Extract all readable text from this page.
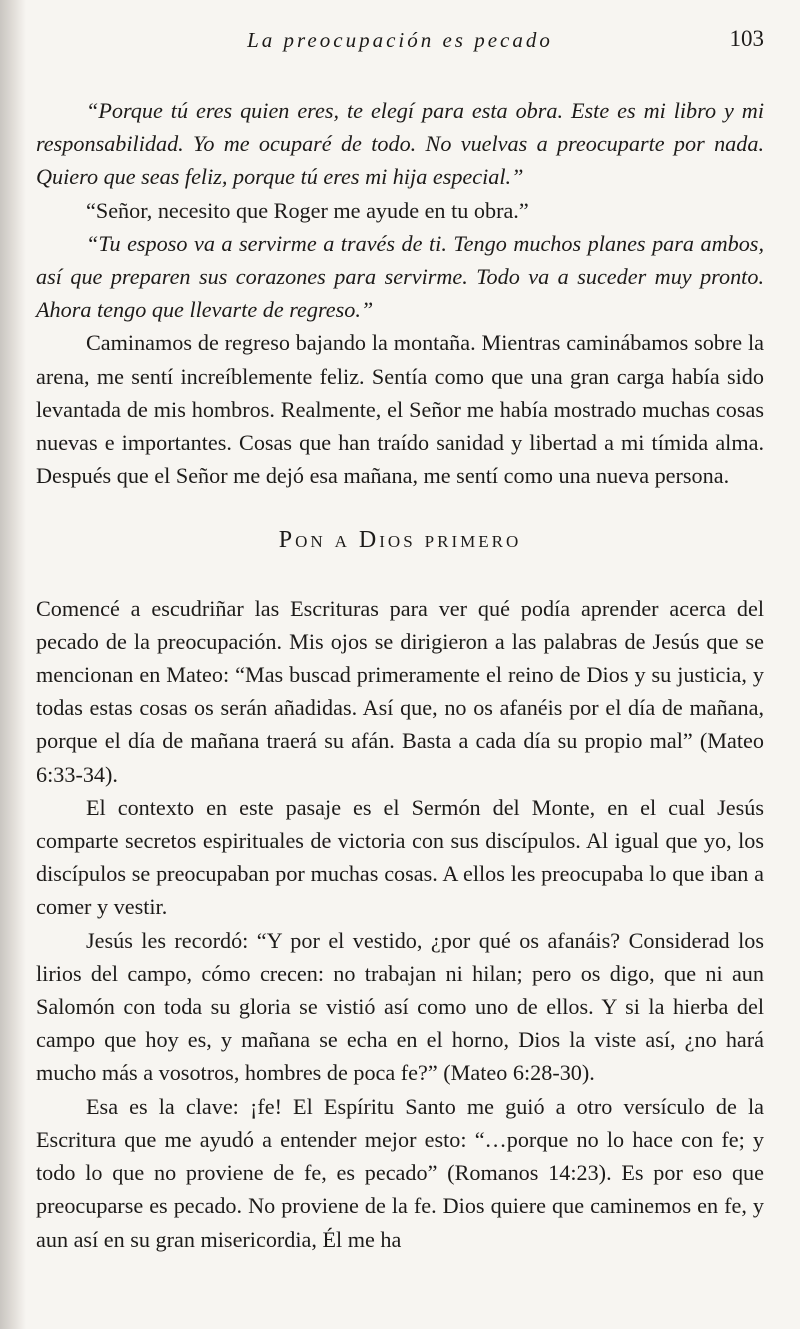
La preocupación es pecado	103

“Porque tú eres quien eres, te elegí para esta obra. Este es mi libro y mi responsabilidad. Yo me ocuparé de todo. No vuelvas a preocuparte por nada. Quiero que seas feliz, porque tú eres mi hija especial.”

“Señor, necesito que Roger me ayude en tu obra.”

“Tu esposo va a servirme a través de ti. Tengo muchos planes para ambos, así que preparen sus corazones para servirme. Todo va a suceder muy pronto. Ahora tengo que llevarte de regreso.”

Caminamos de regreso bajando la montaña. Mientras caminábamos sobre la arena, me sentí increíblemente feliz. Sentía como que una gran carga había sido levantada de mis hombros. Realmente, el Señor me había mostrado muchas cosas nuevas e importantes. Cosas que han traído sanidad y libertad a mi tímida alma. Después que el Señor me dejó esa mañana, me sentí como una nueva persona.

Pon a Dios primero

Comencé a escudriñar las Escrituras para ver qué podía aprender acerca del pecado de la preocupación. Mis ojos se dirigieron a las palabras de Jesús que se mencionan en Mateo: “Mas buscad primeramente el reino de Dios y su justicia, y todas estas cosas os serán añadidas. Así que, no os afanéis por el día de mañana, porque el día de mañana traerá su afán. Basta a cada día su propio mal” (Mateo 6:33-34).

El contexto en este pasaje es el Sermón del Monte, en el cual Jesús comparte secretos espirituales de victoria con sus discípulos. Al igual que yo, los discípulos se preocupaban por muchas cosas. A ellos les preocupaba lo que iban a comer y vestir.

Jesús les recordó: “Y por el vestido, ¿por qué os afanáis? Considerad los lirios del campo, cómo crecen: no trabajan ni hilan; pero os digo, que ni aun Salomón con toda su gloria se vistió así como uno de ellos. Y si la hierba del campo que hoy es, y mañana se echa en el horno, Dios la viste así, ¿no hará mucho más a vosotros, hombres de poca fe?” (Mateo 6:28-30).

Esa es la clave: ¡fe! El Espíritu Santo me guió a otro versículo de la Escritura que me ayudó a entender mejor esto: “…porque no lo hace con fe; y todo lo que no proviene de fe, es pecado” (Romanos 14:23). Es por eso que preocuparse es pecado. No proviene de la fe. Dios quiere que caminemos en fe, y aun así en su gran misericordia, Él me ha
